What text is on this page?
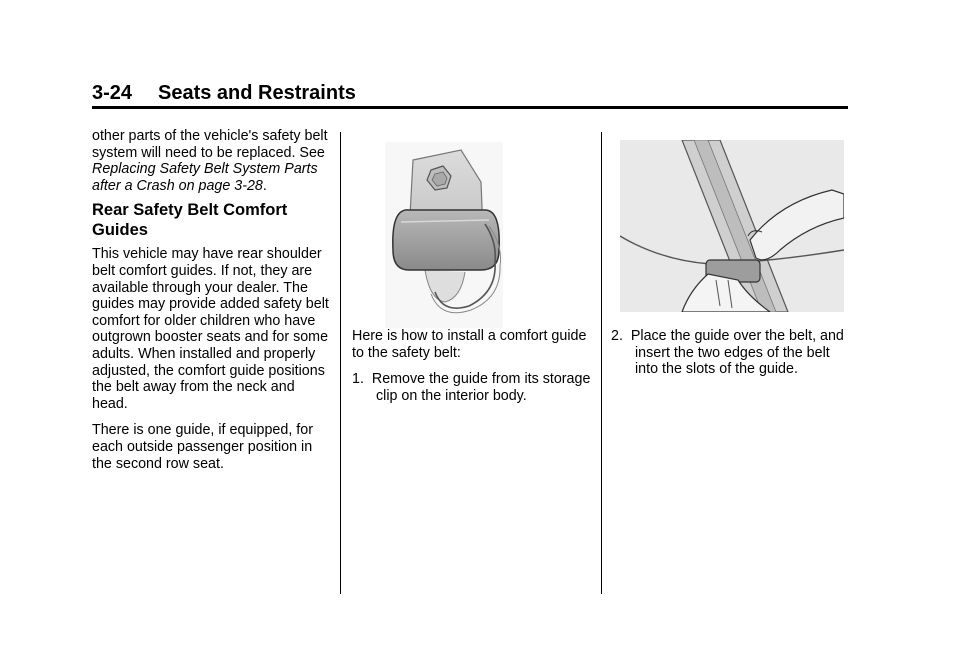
3-24 Seats and Restraints

other parts of the vehicle's safety belt system will need to be replaced. See Replacing Safety Belt System Parts after a Crash on page 3-28.

Rear Safety Belt Comfort Guides

This vehicle may have rear shoulder belt comfort guides. If not, they are available through your dealer. The guides may provide added safety belt comfort for older children who have outgrown booster seats and for some adults. When installed and properly adjusted, the comfort guide positions the belt away from the neck and head.

There is one guide, if equipped, for each outside passenger position in the second row seat.

Here is how to install a comfort guide to the safety belt:

1.  Remove the guide from its storage clip on the interior body.

2.  Place the guide over the belt, and insert the two edges of the belt into the slots of the guide.
